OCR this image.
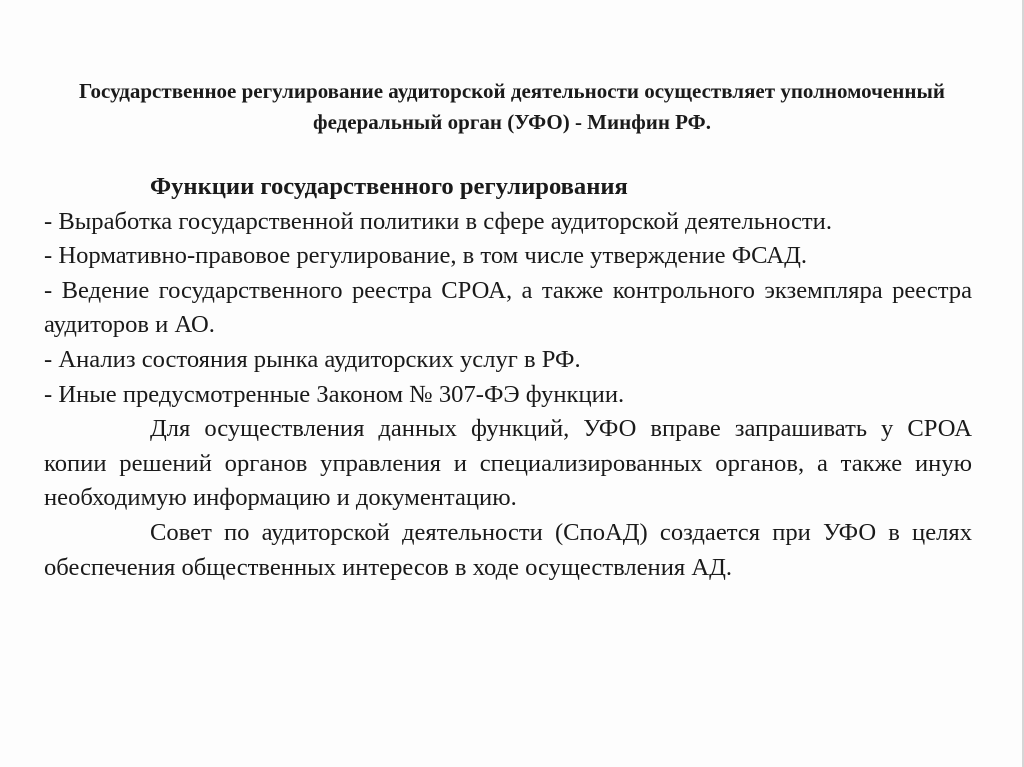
Государственное регулирование аудиторской деятельности осуществляет уполномоченный федеральный орган (УФО) - Минфин РФ.

Функции государственного регулирования

- Выработка государственной политики в сфере аудиторской деятельности.

- Нормативно-правовое регулирование, в том числе утверждение ФСАД.

- Ведение государственного реестра СРОА, а также контрольного экземпляра реестра аудиторов и АО.

- Анализ состояния рынка аудиторских услуг в РФ.

- Иные предусмотренные Законом № 307-ФЭ функции.

Для осуществления данных функций, УФО вправе запрашивать у СРОА копии решений органов управления и специализированных органов, а также иную необходимую информацию и документацию.

Совет по аудиторской деятельности (СпоАД) создается при УФО в целях обеспечения общественных интересов в ходе осуществления АД.
